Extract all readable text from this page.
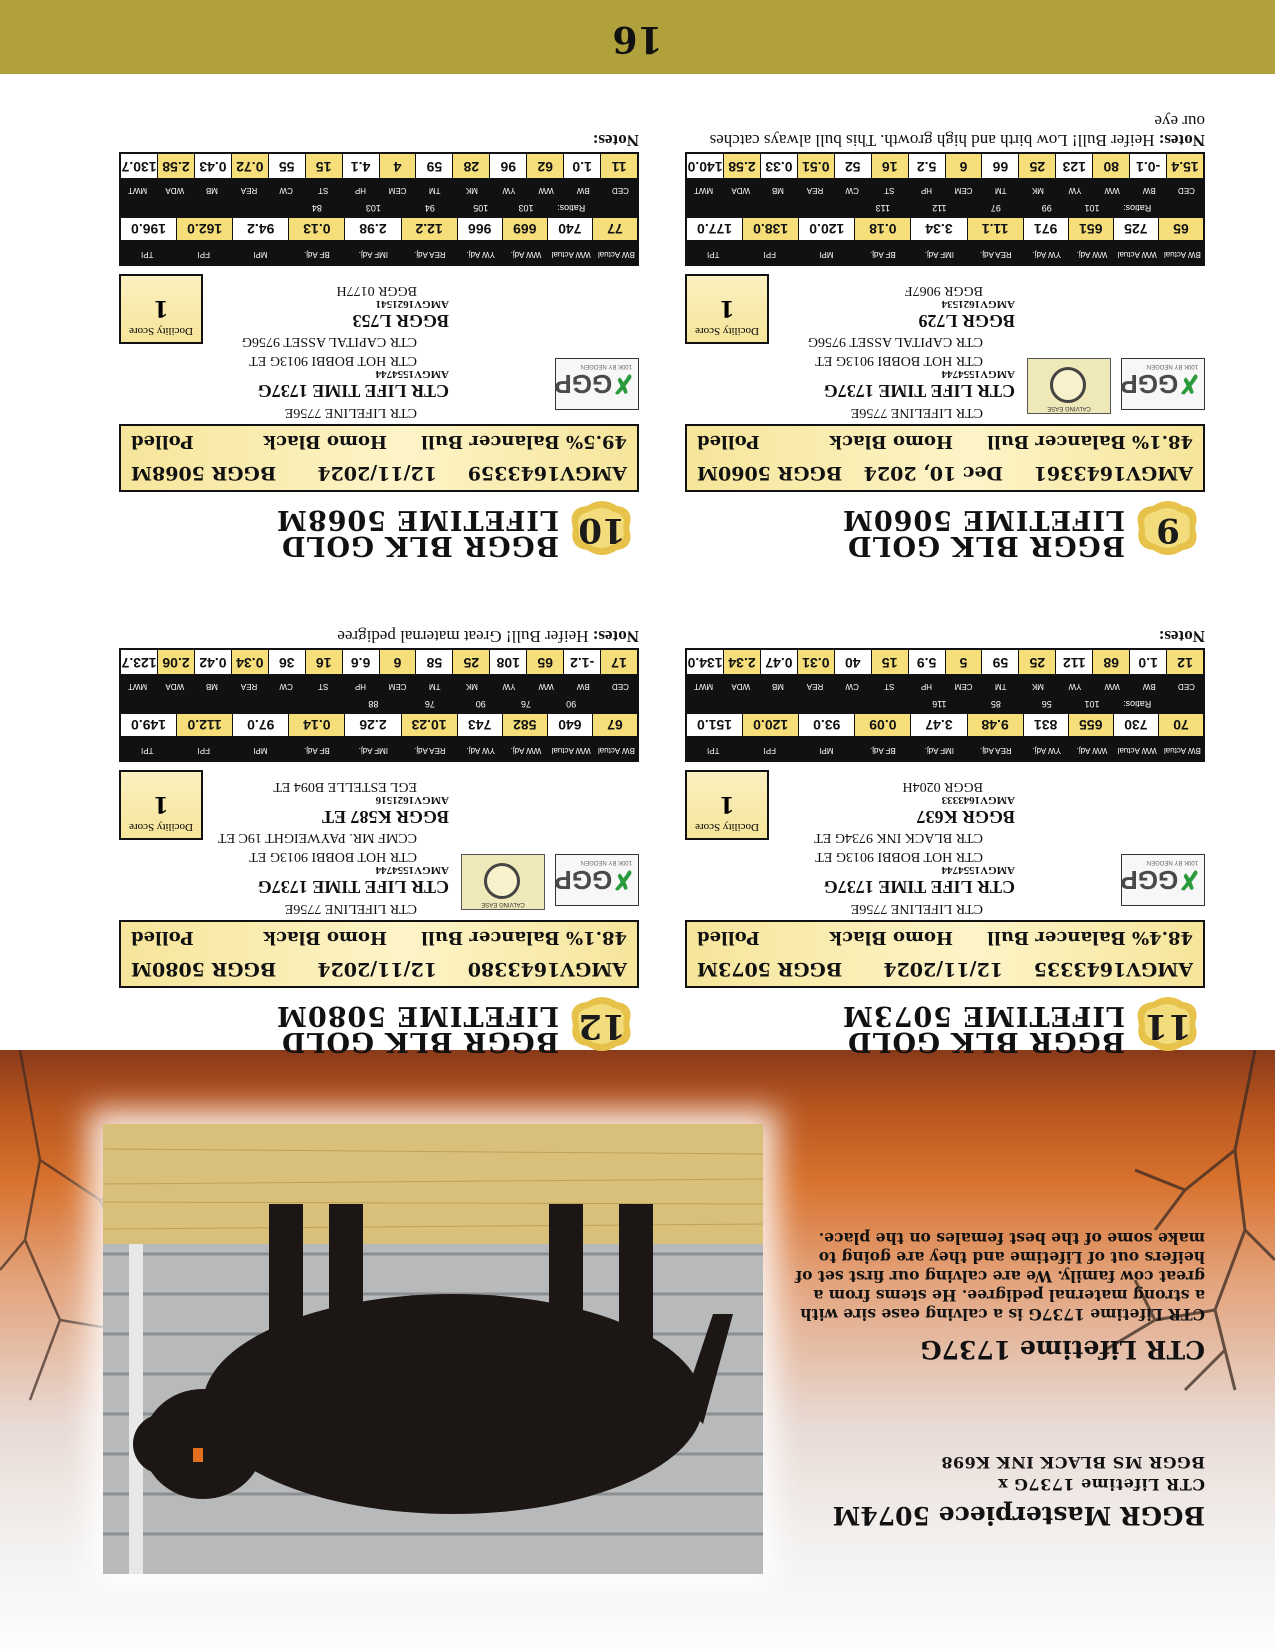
BGGR Masterpiece 5074M
CTR Lifetime 1737G x
BGGR MS BLACK INK K698
CTR Lifetime 1737G
CTR Lifetime 1737G is a calving ease sire with a strong maternal pedigree. He stems from a great cow family. We are calving our first set of heifers out of Lifetime and they are going to make some of the best females on the place.
11
BGGR BLK GOLD
LIFETIME 5073M
AMGV1643335
12/11/2024
BGGR 5073M
48.4% Balancer Bull
Homo Black
Polled
✗GGP
100K BY NEOGEN
CTR LIFE TIME 1737G
AMGV1554744
CTR LIFELINE 7756E
CTR HOT BOBBI 9013G ET
BGGR K637
AMGV1643333
CTR BLACK INK 9734G ET
BGGR 0204H
Docility Score
1
BW Actual
WW Actual
WW Adj.
YW Adj.
REA Adj.
IMF Adj.
BF Adj.
MPI
FPI
TPI
70
730
655
831
9.48
3.47
0.09
93.0
120.0
151.0
Ratios:
101
56
85
116
CED
BW
WW
YW
MK
TM
CEM
HP
ST
CW
REA
MB
WDA
MWT
12
1.0
68
112
25
59
5
5.9
15
40
0.31
0.47
2.34
134.0
Notes:
12
BGGR BLK GOLD
LIFETIME 5080M
AMGV1643380
12/11/2024
BGGR 5080M
48.1% Balancer Bull
Homo Black
Polled
✗GGP
100K BY NEOGEN
CALVING EASE
CTR LIFE TIME 1737G
AMGV1554744
CTR LIFELINE 7756E
CTR HOT BOBBI 9013G ET
BGGR K587 ET
AMGV1621516
CCMF MR. PAYWEIGHT 19C ET
EGL ESTELLE B094 ET
Docility Score
1
BW Actual
WW Actual
WW Adj.
YW Adj.
REA Adj.
IMF Adj.
BF Adj.
MPI
FPI
TPI
67
640
582
743
10.23
2.26
0.14
97.0
112.0
149.0
90
76
90
76
88
CED
BW
WW
YW
MK
TM
CEM
HP
ST
CW
REA
MB
WDA
MWT
17
-1.2
65
108
25
58
6
6.6
16
36
0.34
0.42
2.06
123.7
Notes: Heifer Bull! Great maternal pedigree
9
BGGR BLK GOLD
LIFETIME 5060M
AMGV1643361
Dec 10, 2024
BGGR 5060M
48.1% Balancer Bull
Homo Black
Polled
✗GGP
100K BY NEOGEN
CALVING EASE
CTR LIFE TIME 1737G
AMGV1554744
CTR LIFELINE 7756E
CTR HOT BOBBI 9013G ET
BGGR L729
AMGV1621534
CTR CAPITAL ASSET 9756G
BGGR 9067F
Docility Score
1
BW Actual
WW Actual
WW Adj.
YW Adj.
REA Adj.
IMF Adj.
BF Adj.
MPI
FPI
TPI
65
725
651
971
11.1
3.34
0.18
120.0
138.0
177.0
Ratios:
101
99
97
112
113
CED
BW
WW
YW
MK
TM
CEM
HP
ST
CW
REA
MB
WDA
MWT
15.4
-0.1
80
123
25
66
6
5.2
16
52
0.51
0.33
2.58
140.0
Notes: Heifer Bull! Low birth and high growth. This bull always catches our eye
10
BGGR BLK GOLD
LIFETIME 5068M
AMGV1643359
12/11/2024
BGGR 5068M
49.5% Balancer Bull
Homo Black
Polled
✗GGP
100K BY NEOGEN
CTR LIFE TIME 1737G
AMGV1554744
CTR LIFELINE 7756E
CTR HOT BOBBI 9013G ET
BGGR L753
AMGV1621541
CTR CAPITAL ASSET 9756G
BGGR 0177H
Docility Score
1
BW Actual
WW Actual
WW Adj.
YW Adj.
REA Adj.
IMF Adj.
BF Adj.
MPI
FPI
TPI
77
740
669
966
12.2
2.98
0.13
94.2
162.0
196.0
Ratios:
103
105
94
103
84
CED
BW
WW
YW
MK
TM
CEM
HP
ST
CW
REA
MB
WDA
MWT
11
1.0
62
96
28
59
4
4.1
15
55
0.72
0.43
2.58
130.7
Notes:
16
